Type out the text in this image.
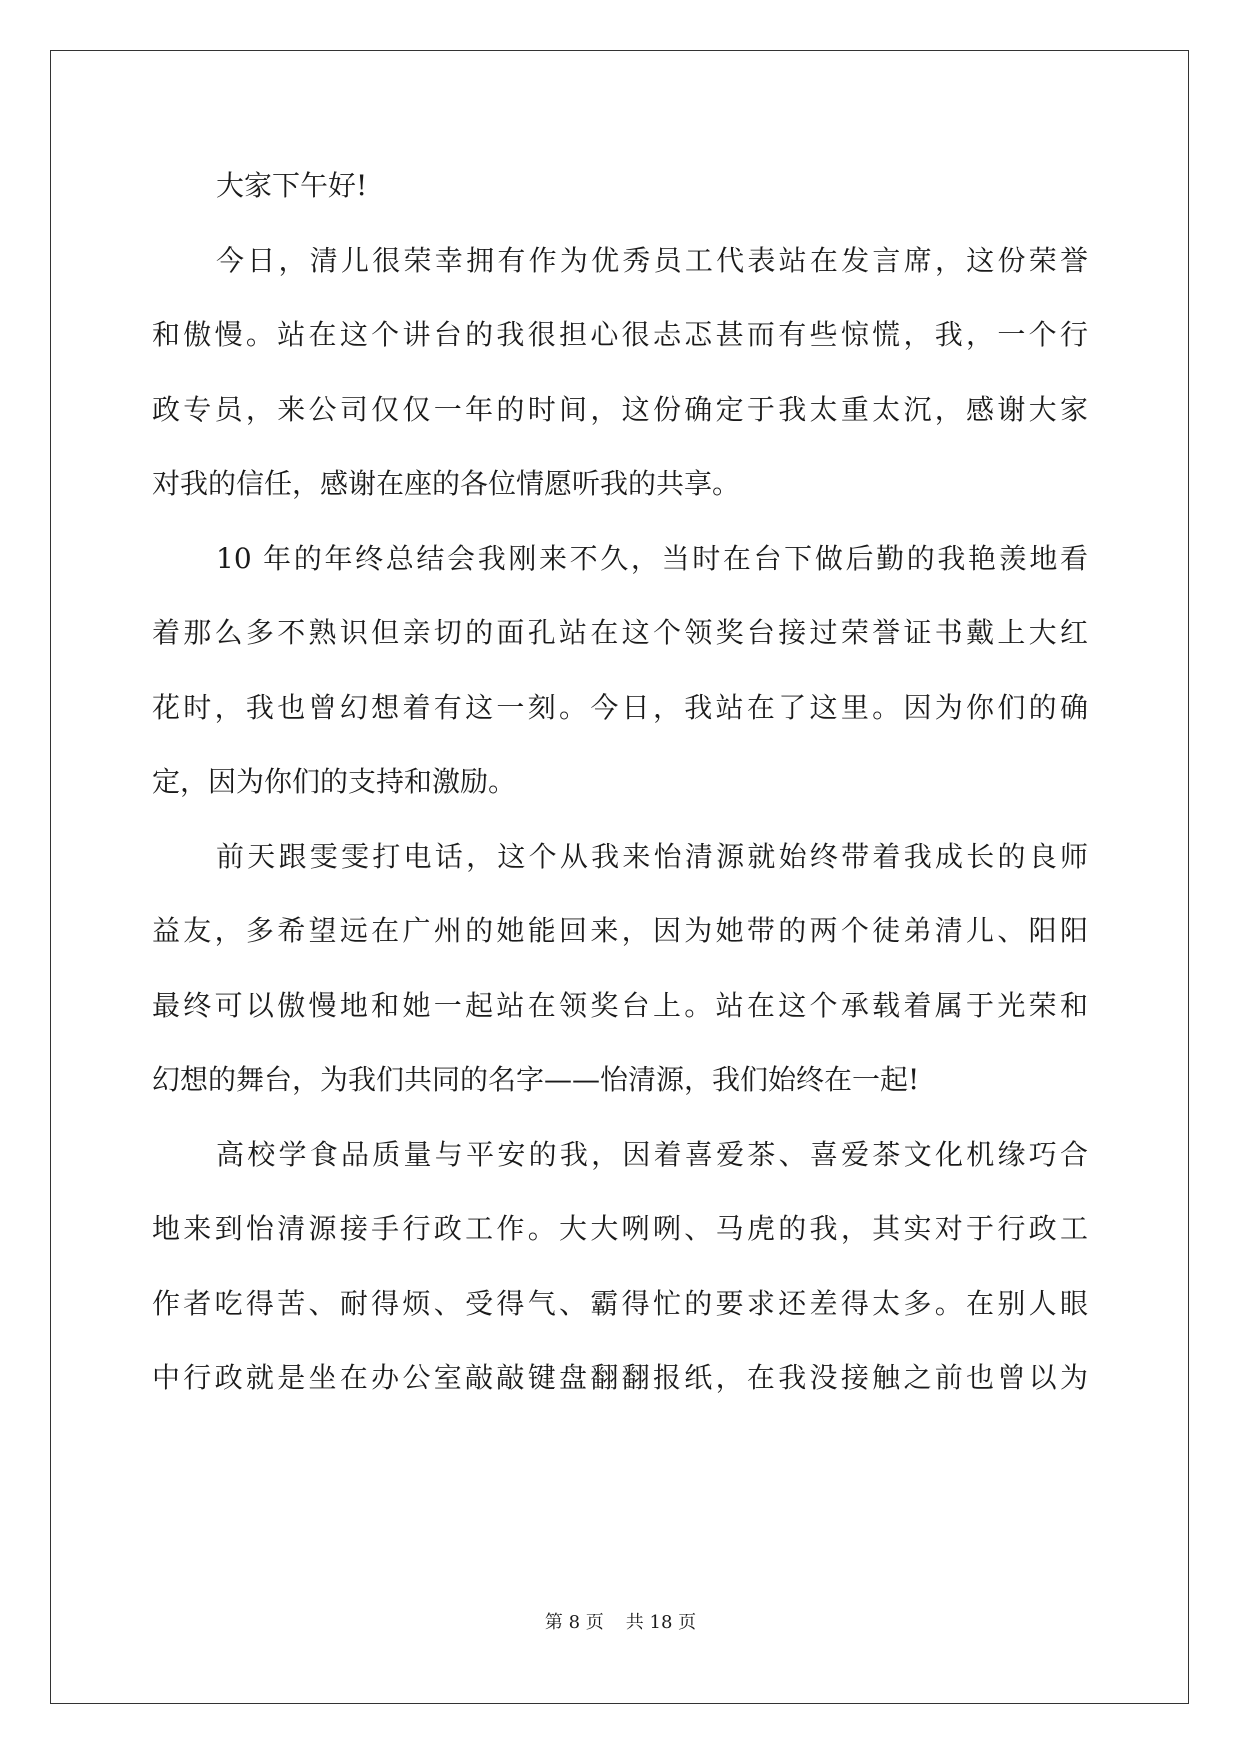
大家下午好!
今日，清儿很荣幸拥有作为优秀员工代表站在发言席，这份荣誉
和傲慢。站在这个讲台的我很担心很忐忑甚而有些惊慌，我，一个行
政专员，来公司仅仅一年的时间，这份确定于我太重太沉，感谢大家
对我的信任，感谢在座的各位情愿听我的共享。
10 年的年终总结会我刚来不久，当时在台下做后勤的我艳羡地看
着那么多不熟识但亲切的面孔站在这个领奖台接过荣誉证书戴上大红
花时，我也曾幻想着有这一刻。今日，我站在了这里。因为你们的确
定，因为你们的支持和激励。
前天跟雯雯打电话，这个从我来怡清源就始终带着我成长的良师
益友，多希望远在广州的她能回来，因为她带的两个徒弟清儿、阳阳
最终可以傲慢地和她一起站在领奖台上。站在这个承载着属于光荣和
幻想的舞台，为我们共同的名字——怡清源，我们始终在一起!
高校学食品质量与平安的我，因着喜爱茶、喜爱茶文化机缘巧合
地来到怡清源接手行政工作。大大咧咧、马虎的我，其实对于行政工
作者吃得苦、耐得烦、受得气、霸得忙的要求还差得太多。在别人眼
中行政就是坐在办公室敲敲键盘翻翻报纸，在我没接触之前也曾以为
第 8 页 共 18 页
